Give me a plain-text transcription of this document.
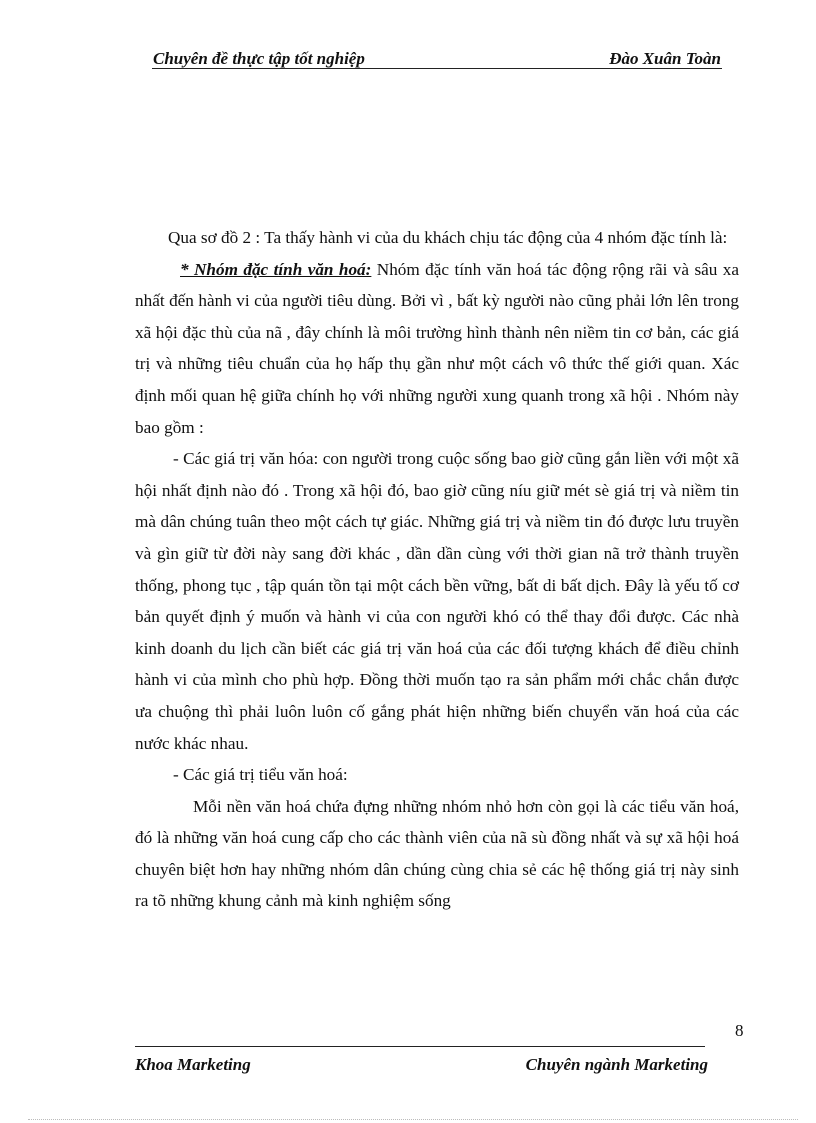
Chuyên đề thực tập tốt nghiệp	Đào Xuân Toàn

Qua sơ đồ 2 : Ta thấy hành vi của du khách chịu tác động của 4 nhóm đặc tính là:

* Nhóm đặc tính văn hoá: Nhóm đặc tính văn hoá tác động rộng rãi và sâu xa nhất đến hành vi của người tiêu dùng. Bởi vì , bất kỳ người nào cũng phải lớn lên trong xã hội đặc thù của nã , đây chính là môi trường hình thành nên niềm tin cơ bản, các giá trị và những tiêu chuẩn của họ hấp thụ gần như một cách vô thức thế giới quan. Xác định mối quan hệ giữa chính họ với những người xung quanh trong xã hội . Nhóm này bao gồm :

- Các giá trị văn hóa: con người trong cuộc sống bao giờ cũng gắn liền với một xã hội nhất định nào đó . Trong xã hội đó, bao giờ cũng níu giữ mét sè giá trị và niềm tin mà dân chúng tuân theo một cách tự giác. Những giá trị và niềm tin đó được lưu truyền và gìn giữ từ đời này sang đời khác , dần dần cùng với thời gian nã trở thành truyền thống, phong tục , tập quán tồn tại một cách bền vững, bất di bất dịch. Đây là yếu tố cơ bản quyết định ý muốn và hành vi của con người khó có thể thay đổi được. Các nhà kinh doanh du lịch cần biết các giá trị văn hoá của các đối tượng khách để điều chỉnh hành vi của mình cho phù hợp. Đồng thời muốn tạo ra sản phẩm mới chắc chắn được ưa chuộng thì phải luôn luôn cố gắng phát hiện những biến chuyển văn hoá của các nước khác nhau.

- Các giá trị tiểu văn hoá:

Mỗi nền văn hoá chứa đựng những nhóm nhỏ hơn còn gọi là các tiểu văn hoá, đó là những văn hoá cung cấp cho các thành viên của nã sù đồng nhất và sự xã hội hoá chuyên biệt hơn hay những nhóm dân chúng cùng chia sẻ các hệ thống giá trị này sinh ra tõ những khung cảnh mà kinh nghiệm sống

8
Khoa Marketing	Chuyên ngành Marketing
